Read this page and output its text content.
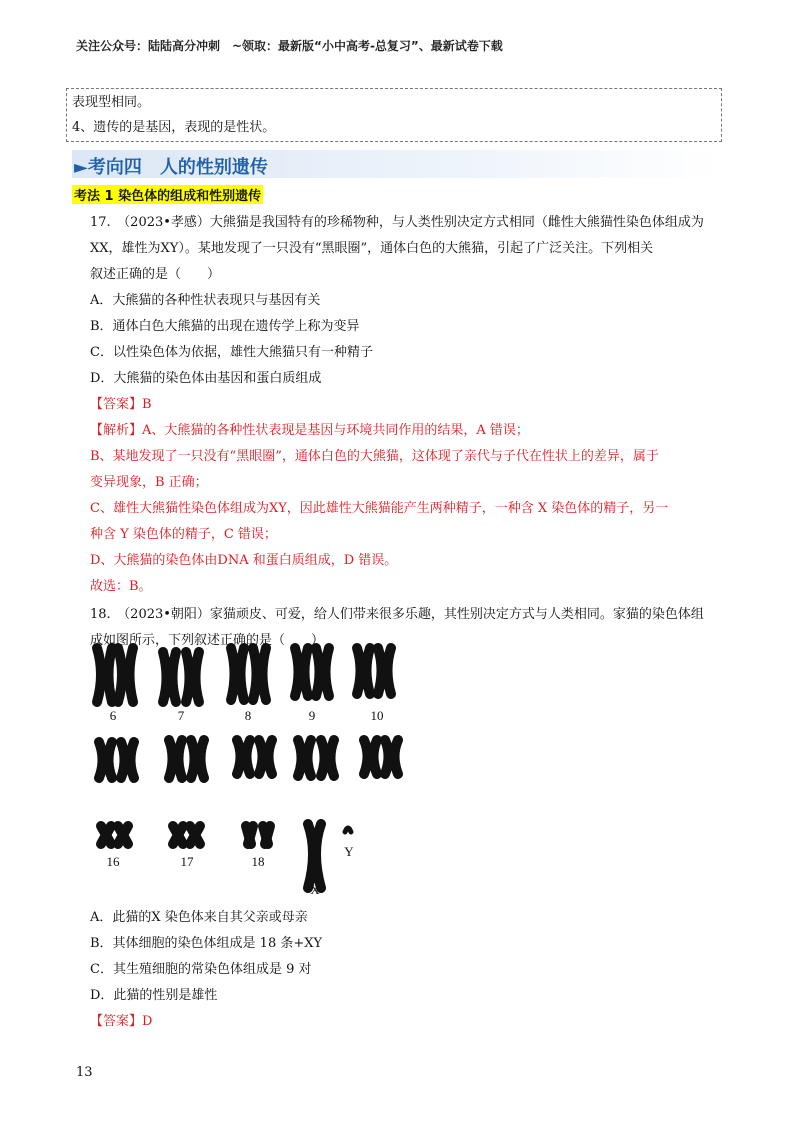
关注公众号：陆陆高分冲刺　~领取：最新版“小中高考-总复习”、最新试卷下载
表现型相同。
4、遗传的是基因，表现的是性状。
►考向四　人的性别遗传
考法 1 染色体的组成和性别遗传
17.　（2023•孝感）大熊猫是我国特有的珍稀物种，与人类性别决定方式相同（雌性大熊猫性染色体组成为
XX，雄性为XY）。某地发现了一只没有“黑眼圈”，通体白色的大熊猫，引起了广泛关注。下列相关
叙述正确的是（　　）
A．大熊猫的各种性状表现只与基因有关
B．通体白色大熊猫的出现在遗传学上称为变异
C．以性染色体为依据，雄性大熊猫只有一种精子
D．大熊猫的染色体由基因和蛋白质组成
【答案】B
【解析】A、大熊猫的各种性状表现是基因与环境共同作用的结果，A 错误；
B、某地发现了一只没有“黑眼圈”，通体白色的大熊猫，这体现了亲代与子代在性状上的差异，属于
变异现象，B 正确；
C、雄性大熊猫性染色体组成为XY，因此雄性大熊猫能产生两种精子，一种含 X 染色体的精子，另一
种含 Y 染色体的精子，C 错误；
D、大熊猫的染色体由DNA 和蛋白质组成，D 错误。
故选：B。
18.　（2023•朝阳）家猫顽皮、可爱，给人们带来很多乐趣，其性别决定方式与人类相同。家猫的染色体组
成如图所示，下列叙述正确的是（　　）
6	7	8	9	10
16	17	18
X
Y
A．此猫的X 染色体来自其父亲或母亲
B．其体细胞的染色体组成是 18 条+XY
C．其生殖细胞的常染色体组成是 9 对
D．此猫的性别是雄性
【答案】D
13
